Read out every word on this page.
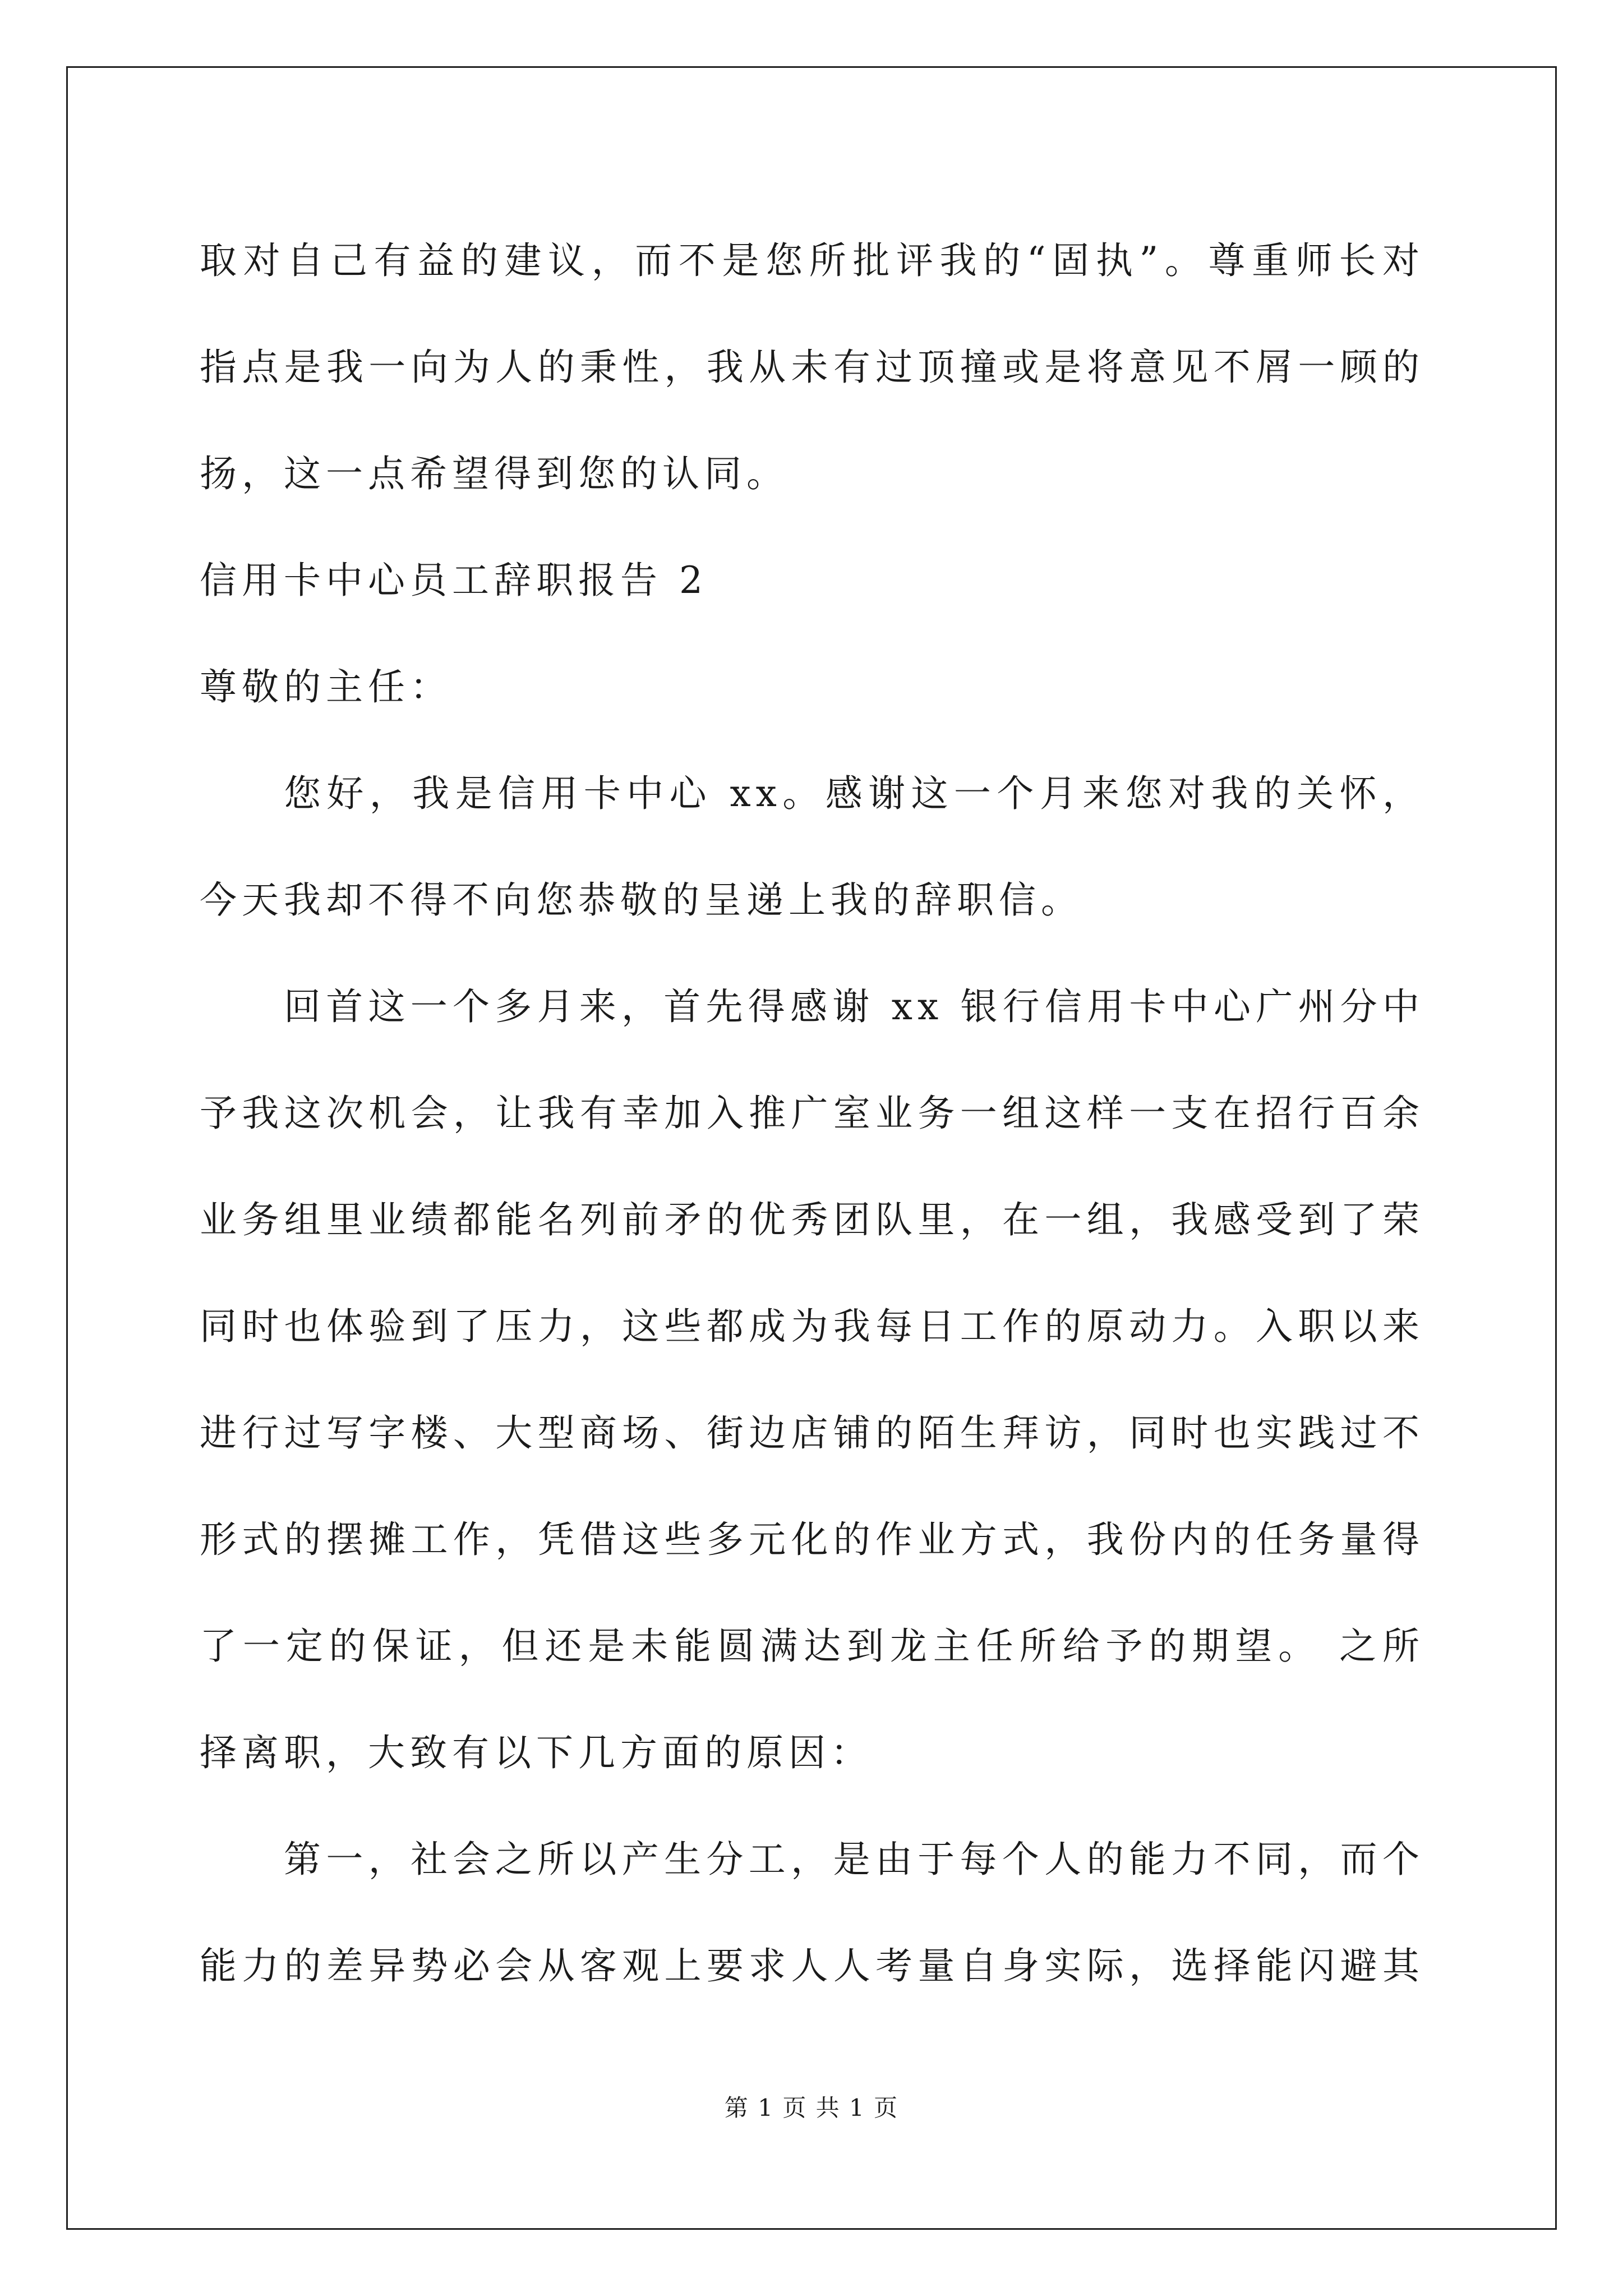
取对自己有益的建议，而不是您所批评我的“固执”。尊重师长对
指点是我一向为人的秉性，我从未有过顶撞或是将意见不屑一顾的
扬，这一点希望得到您的认同。
信用卡中心员工辞职报告 2
尊敬的主任：
您好，我是信用卡中心 xx。感谢这一个月来您对我的关怀，
今天我却不得不向您恭敬的呈递上我的辞职信。
回首这一个多月来，首先得感谢 xx 银行信用卡中心广州分中
予我这次机会，让我有幸加入推广室业务一组这样一支在招行百余
业务组里业绩都能名列前矛的优秀团队里，在一组，我感受到了荣
同时也体验到了压力，这些都成为我每日工作的原动力。入职以来
进行过写字楼、大型商场、街边店铺的陌生拜访，同时也实践过不
形式的摆摊工作，凭借这些多元化的作业方式，我份内的任务量得
了一定的保证，但还是未能圆满达到龙主任所给予的期望。 之所
择离职，大致有以下几方面的原因：
第一，社会之所以产生分工，是由于每个人的能力不同，而个
能力的差异势必会从客观上要求人人考量自身实际，选择能闪避其
第 1 页 共 1 页
